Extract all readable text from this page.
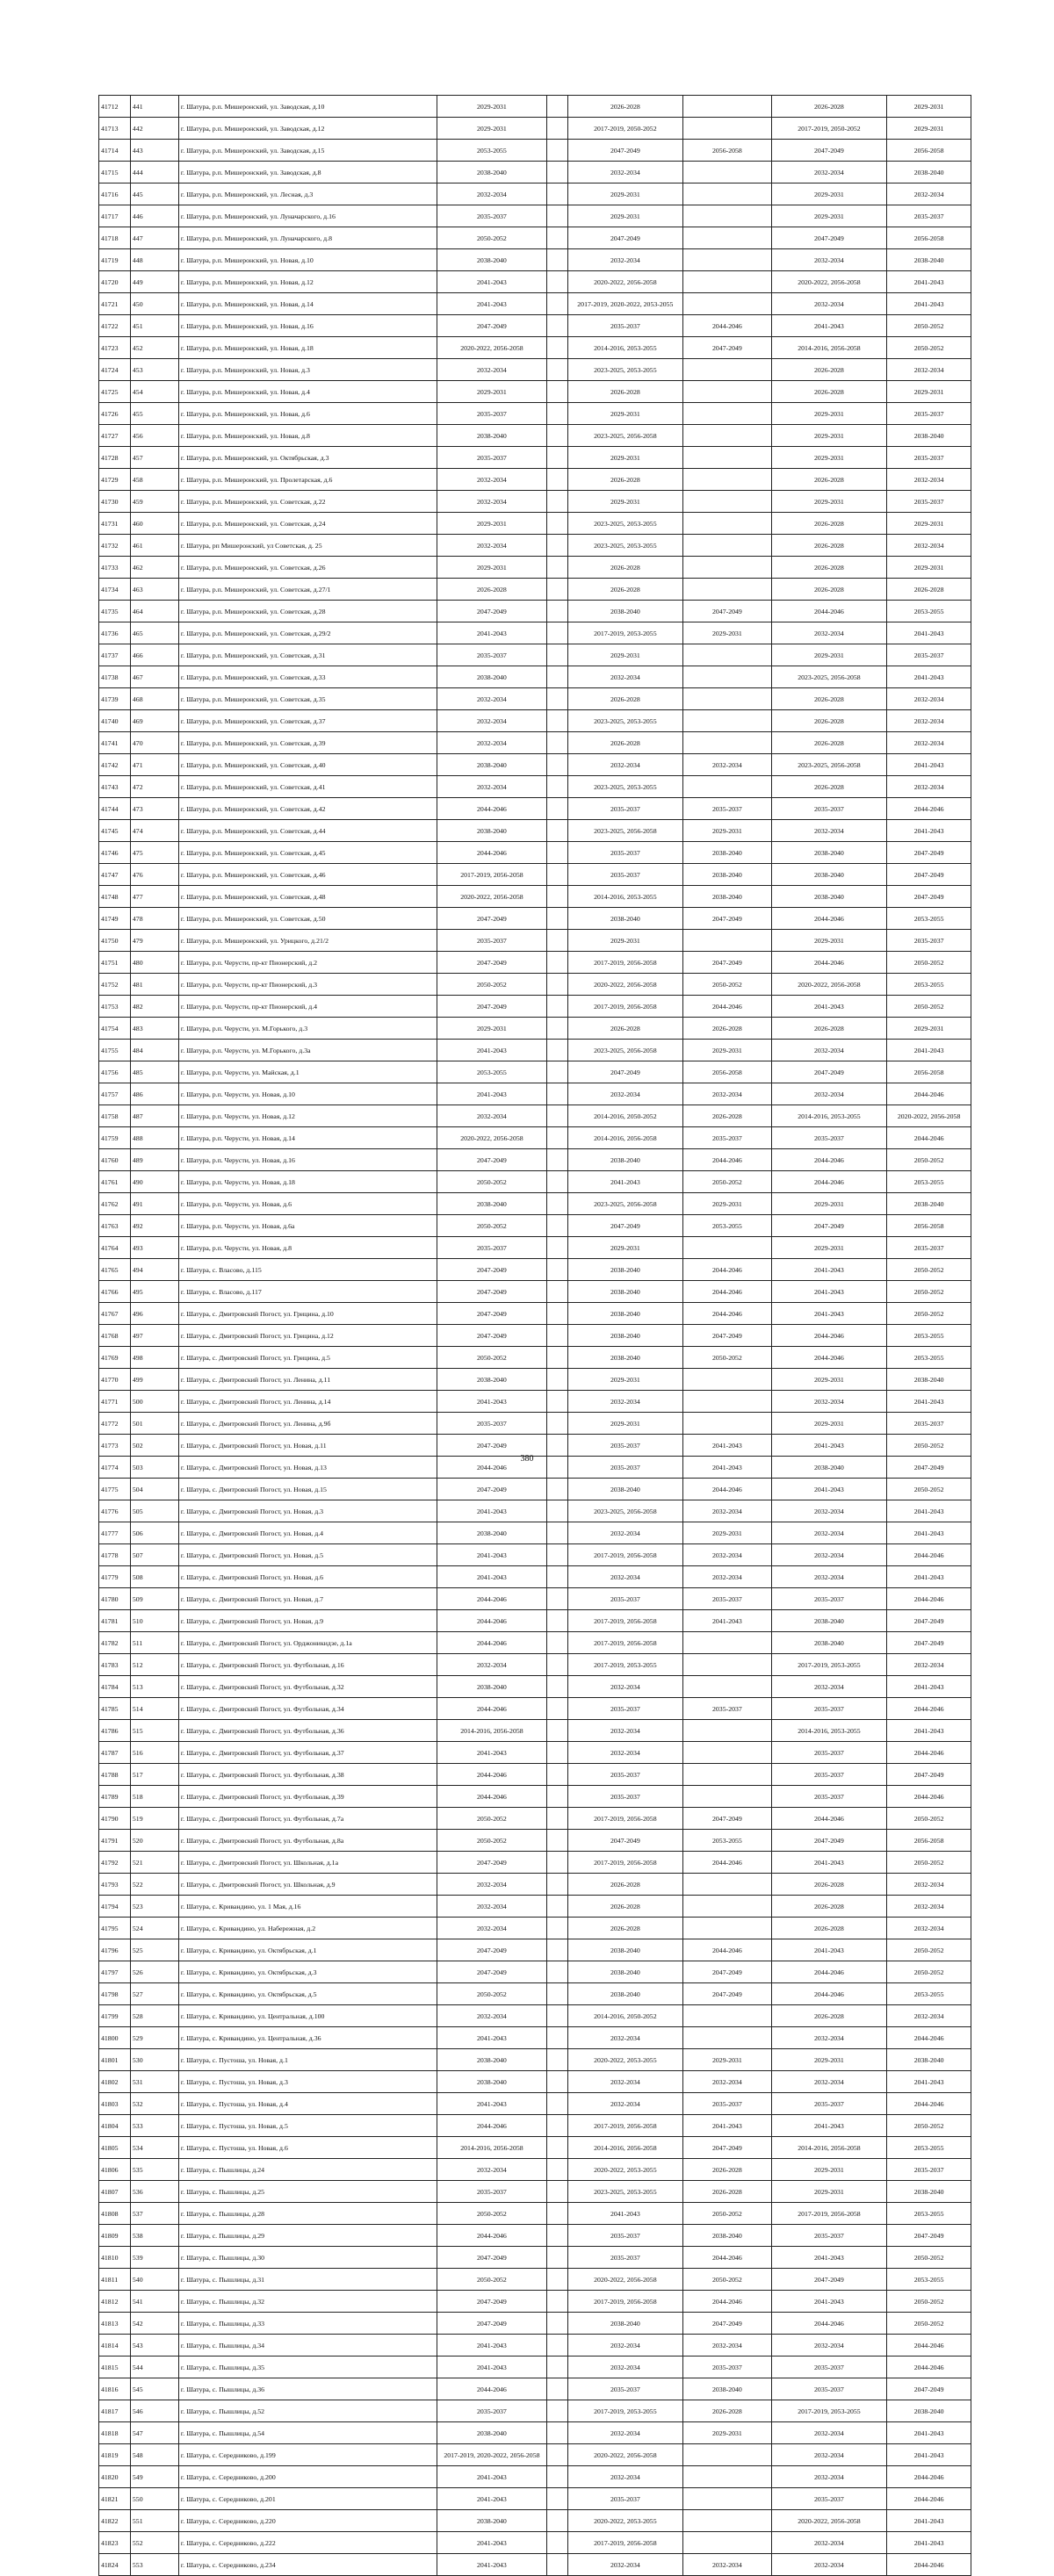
41712	441	г. Шатура, р.п. Мишеронский, ул. Заводская, д.10	2029-2031		2026-2028		2026-2028	2029-2031
41713	442	г. Шатура, р.п. Мишеронский, ул. Заводская, д.12	2029-2031		2017-2019, 2050-2052		2017-2019, 2050-2052	2029-2031
41714	443	г. Шатура, р.п. Мишеронский, ул. Заводская, д.15	2053-2055		2047-2049	2056-2058	2047-2049	2056-2058
41715	444	г. Шатура, р.п. Мишеронский, ул. Заводская, д.8	2038-2040		2032-2034		2032-2034	2038-2040
41716	445	г. Шатура, р.п. Мишеронский, ул. Лесная, д.3	2032-2034		2029-2031		2029-2031	2032-2034
41717	446	г. Шатура, р.п. Мишеронский, ул. Луначарского, д.16	2035-2037		2029-2031		2029-2031	2035-2037
41718	447	г. Шатура, р.п. Мишеронский, ул. Луначарского, д.8	2050-2052		2047-2049		2047-2049	2056-2058
41719	448	г. Шатура, р.п. Мишеронский, ул. Новая, д.10	2038-2040		2032-2034		2032-2034	2038-2040
41720	449	г. Шатура, р.п. Мишеронский, ул. Новая, д.12	2041-2043		2020-2022, 2056-2058		2020-2022, 2056-2058	2041-2043
41721	450	г. Шатура, р.п. Мишеронский, ул. Новая, д.14	2041-2043		2017-2019, 2020-2022, 2053-2055		2032-2034	2041-2043
41722	451	г. Шатура, р.п. Мишеронский, ул. Новая, д.16	2047-2049		2035-2037	2044-2046	2041-2043	2050-2052
41723	452	г. Шатура, р.п. Мишеронский, ул. Новая, д.18	2020-2022, 2056-2058		2014-2016, 2053-2055	2047-2049	2014-2016, 2056-2058	2050-2052
41724	453	г. Шатура, р.п. Мишеронский, ул. Новая, д.3	2032-2034		2023-2025, 2053-2055		2026-2028	2032-2034
41725	454	г. Шатура, р.п. Мишеронский, ул. Новая, д.4	2029-2031		2026-2028		2026-2028	2029-2031
41726	455	г. Шатура, р.п. Мишеронский, ул. Новая, д.6	2035-2037		2029-2031		2029-2031	2035-2037
41727	456	г. Шатура, р.п. Мишеронский, ул. Новая, д.8	2038-2040		2023-2025, 2056-2058		2029-2031	2038-2040
41728	457	г. Шатура, р.п. Мишеронский, ул. Октябрьская, д.3	2035-2037		2029-2031		2029-2031	2035-2037
41729	458	г. Шатура, р.п. Мишеронский, ул. Пролетарская, д.6	2032-2034		2026-2028		2026-2028	2032-2034
41730	459	г. Шатура, р.п. Мишеронский, ул. Советская, д.22	2032-2034		2029-2031		2029-2031	2035-2037
41731	460	г. Шатура, р.п. Мишеронский, ул. Советская, д.24	2029-2031		2023-2025, 2053-2055		2026-2028	2029-2031
41732	461	г. Шатура, рп Мишеронский, ул Советская, д. 25	2032-2034		2023-2025, 2053-2055		2026-2028	2032-2034
41733	462	г. Шатура, р.п. Мишеронский, ул. Советская, д.26	2029-2031		2026-2028		2026-2028	2029-2031
41734	463	г. Шатура, р.п. Мишеронский, ул. Советская, д.27/1	2026-2028		2026-2028		2026-2028	2026-2028
41735	464	г. Шатура, р.п. Мишеронский, ул. Советская, д.28	2047-2049		2038-2040	2047-2049	2044-2046	2053-2055
41736	465	г. Шатура, р.п. Мишеронский, ул. Советская, д.29/2	2041-2043		2017-2019, 2053-2055	2029-2031	2032-2034	2041-2043
41737	466	г. Шатура, р.п. Мишеронский, ул. Советская, д.31	2035-2037		2029-2031		2029-2031	2035-2037
41738	467	г. Шатура, р.п. Мишеронский, ул. Советская, д.33	2038-2040		2032-2034		2023-2025, 2056-2058	2041-2043
41739	468	г. Шатура, р.п. Мишеронский, ул. Советская, д.35	2032-2034		2026-2028		2026-2028	2032-2034
41740	469	г. Шатура, р.п. Мишеронский, ул. Советская, д.37	2032-2034		2023-2025, 2053-2055		2026-2028	2032-2034
41741	470	г. Шатура, р.п. Мишеронский, ул. Советская, д.39	2032-2034		2026-2028		2026-2028	2032-2034
41742	471	г. Шатура, р.п. Мишеронский, ул. Советская, д.40	2038-2040		2032-2034	2032-2034	2023-2025, 2056-2058	2041-2043
41743	472	г. Шатура, р.п. Мишеронский, ул. Советская, д.41	2032-2034		2023-2025, 2053-2055		2026-2028	2032-2034
41744	473	г. Шатура, р.п. Мишеронский, ул. Советская, д.42	2044-2046		2035-2037	2035-2037	2035-2037	2044-2046
41745	474	г. Шатура, р.п. Мишеронский, ул. Советская, д.44	2038-2040		2023-2025, 2056-2058	2029-2031	2032-2034	2041-2043
41746	475	г. Шатура, р.п. Мишеронский, ул. Советская, д.45	2044-2046		2035-2037	2038-2040	2038-2040	2047-2049
41747	476	г. Шатура, р.п. Мишеронский, ул. Советская, д.46	2017-2019, 2056-2058		2035-2037	2038-2040	2038-2040	2047-2049
41748	477	г. Шатура, р.п. Мишеронский, ул. Советская, д.48	2020-2022, 2056-2058		2014-2016, 2053-2055	2038-2040	2038-2040	2047-2049
41749	478	г. Шатура, р.п. Мишеронский, ул. Советская, д.50	2047-2049		2038-2040	2047-2049	2044-2046	2053-2055
41750	479	г. Шатура, р.п. Мишеронский, ул. Урицкого, д.21/2	2035-2037		2029-2031		2029-2031	2035-2037
41751	480	г. Шатура, р.п. Черусти, пр-кт Пионерский, д.2	2047-2049		2017-2019, 2056-2058	2047-2049	2044-2046	2050-2052
41752	481	г. Шатура, р.п. Черусти, пр-кт Пионерский, д.3	2050-2052		2020-2022, 2056-2058	2050-2052	2020-2022, 2056-2058	2053-2055
41753	482	г. Шатура, р.п. Черусти, пр-кт Пионерский, д.4	2047-2049		2017-2019, 2056-2058	2044-2046	2041-2043	2050-2052
41754	483	г. Шатура, р.п. Черусти, ул. М.Горького, д.3	2029-2031		2026-2028	2026-2028	2026-2028	2029-2031
41755	484	г. Шатура, р.п. Черусти, ул. М.Горького, д.3а	2041-2043		2023-2025, 2056-2058	2029-2031	2032-2034	2041-2043
41756	485	г. Шатура, р.п. Черусти, ул. Майская, д.1	2053-2055		2047-2049	2056-2058	2047-2049	2056-2058
41757	486	г. Шатура, р.п. Черусти, ул. Новая, д.10	2041-2043		2032-2034	2032-2034	2032-2034	2044-2046
41758	487	г. Шатура, р.п. Черусти, ул. Новая, д.12	2032-2034		2014-2016, 2050-2052	2026-2028	2014-2016, 2053-2055	2020-2022, 2056-2058
41759	488	г. Шатура, р.п. Черусти, ул. Новая, д.14	2020-2022, 2056-2058		2014-2016, 2056-2058	2035-2037	2035-2037	2044-2046
41760	489	г. Шатура, р.п. Черусти, ул. Новая, д.16	2047-2049		2038-2040	2044-2046	2044-2046	2050-2052
41761	490	г. Шатура, р.п. Черусти, ул. Новая, д.18	2050-2052		2041-2043	2050-2052	2044-2046	2053-2055
41762	491	г. Шатура, р.п. Черусти, ул. Новая, д.6	2038-2040		2023-2025, 2056-2058	2029-2031	2029-2031	2038-2040
41763	492	г. Шатура, р.п. Черусти, ул. Новая, д.6а	2050-2052		2047-2049	2053-2055	2047-2049	2056-2058
41764	493	г. Шатура, р.п. Черусти, ул. Новая, д.8	2035-2037		2029-2031		2029-2031	2035-2037
41765	494	г. Шатура, с. Власово, д.115	2047-2049		2038-2040	2044-2046	2041-2043	2050-2052
41766	495	г. Шатура, с. Власово, д.117	2047-2049		2038-2040	2044-2046	2041-2043	2050-2052
41767	496	г. Шатура, с. Дмитровский Погост, ул. Грицина, д.10	2047-2049		2038-2040	2044-2046	2041-2043	2050-2052
41768	497	г. Шатура, с. Дмитровский Погост, ул. Грицина, д.12	2047-2049		2038-2040	2047-2049	2044-2046	2053-2055
41769	498	г. Шатура, с. Дмитровский Погост, ул. Грицина, д.5	2050-2052		2038-2040	2050-2052	2044-2046	2053-2055
41770	499	г. Шатура, с. Дмитровский Погост, ул. Ленина, д.11	2038-2040		2029-2031		2029-2031	2038-2040
41771	500	г. Шатура, с. Дмитровский Погост, ул. Ленина, д.14	2041-2043		2032-2034		2032-2034	2041-2043
41772	501	г. Шатура, с. Дмитровский Погост, ул. Ленина, д.9б	2035-2037		2029-2031		2029-2031	2035-2037
41773	502	г. Шатура, с. Дмитровский Погост, ул. Новая, д.11	2047-2049		2035-2037	2041-2043	2041-2043	2050-2052
41774	503	г. Шатура, с. Дмитровский Погост, ул. Новая, д.13	2044-2046		2035-2037	2041-2043	2038-2040	2047-2049
41775	504	г. Шатура, с. Дмитровский Погост, ул. Новая, д.15	2047-2049		2038-2040	2044-2046	2041-2043	2050-2052
41776	505	г. Шатура, с. Дмитровский Погост, ул. Новая, д.3	2041-2043		2023-2025, 2056-2058	2032-2034	2032-2034	2041-2043
41777	506	г. Шатура, с. Дмитровский Погост, ул. Новая, д.4	2038-2040		2032-2034	2029-2031	2032-2034	2041-2043
41778	507	г. Шатура, с. Дмитровский Погост, ул. Новая, д.5	2041-2043		2017-2019, 2056-2058	2032-2034	2032-2034	2044-2046
41779	508	г. Шатура, с. Дмитровский Погост, ул. Новая, д.6	2041-2043		2032-2034	2032-2034	2032-2034	2041-2043
41780	509	г. Шатура, с. Дмитровский Погост, ул. Новая, д.7	2044-2046		2035-2037	2035-2037	2035-2037	2044-2046
41781	510	г. Шатура, с. Дмитровский Погост, ул. Новая, д.9	2044-2046		2017-2019, 2056-2058	2041-2043	2038-2040	2047-2049
41782	511	г. Шатура, с. Дмитровский Погост, ул. Орджоникидзе, д.1а	2044-2046		2017-2019, 2056-2058		2038-2040	2047-2049
41783	512	г. Шатура, с. Дмитровский Погост, ул. Футбольная, д.16	2032-2034		2017-2019, 2053-2055		2017-2019, 2053-2055	2032-2034
41784	513	г. Шатура, с. Дмитровский Погост, ул. Футбольная, д.32	2038-2040		2032-2034		2032-2034	2041-2043
41785	514	г. Шатура, с. Дмитровский Погост, ул. Футбольная, д.34	2044-2046		2035-2037	2035-2037	2035-2037	2044-2046
41786	515	г. Шатура, с. Дмитровский Погост, ул. Футбольная, д.36	2014-2016, 2056-2058		2032-2034		2014-2016, 2053-2055	2041-2043
41787	516	г. Шатура, с. Дмитровский Погост, ул. Футбольная, д.37	2041-2043		2032-2034		2035-2037	2044-2046
41788	517	г. Шатура, с. Дмитровский Погост, ул. Футбольная, д.38	2044-2046		2035-2037		2035-2037	2047-2049
41789	518	г. Шатура, с. Дмитровский Погост, ул. Футбольная, д.39	2044-2046		2035-2037		2035-2037	2044-2046
41790	519	г. Шатура, с. Дмитровский Погост, ул. Футбольная, д.7а	2050-2052		2017-2019, 2056-2058	2047-2049	2044-2046	2050-2052
41791	520	г. Шатура, с. Дмитровский Погост, ул. Футбольная, д.8а	2050-2052		2047-2049	2053-2055	2047-2049	2056-2058
41792	521	г. Шатура, с. Дмитровский Погост, ул. Школьная, д.1а	2047-2049		2017-2019, 2056-2058	2044-2046	2041-2043	2050-2052
41793	522	г. Шатура, с. Дмитровский Погост, ул. Школьная, д.9	2032-2034		2026-2028		2026-2028	2032-2034
41794	523	г. Шатура, с. Кривандино, ул. 1 Мая, д.16	2032-2034		2026-2028		2026-2028	2032-2034
41795	524	г. Шатура, с. Кривандино, ул. Набережная, д.2	2032-2034		2026-2028		2026-2028	2032-2034
41796	525	г. Шатура, с. Кривандино, ул. Октябрьская, д.1	2047-2049		2038-2040	2044-2046	2041-2043	2050-2052
41797	526	г. Шатура, с. Кривандино, ул. Октябрьская, д.3	2047-2049		2038-2040	2047-2049	2044-2046	2050-2052
41798	527	г. Шатура, с. Кривандино, ул. Октябрьская, д.5	2050-2052		2038-2040	2047-2049	2044-2046	2053-2055
41799	528	г. Шатура, с. Кривандино, ул. Центральная, д.100	2032-2034		2014-2016, 2050-2052		2026-2028	2032-2034
41800	529	г. Шатура, с. Кривандино, ул. Центральная, д.36	2041-2043		2032-2034		2032-2034	2044-2046
41801	530	г. Шатура, с. Пустоша, ул. Новая, д.1	2038-2040		2020-2022, 2053-2055	2029-2031	2029-2031	2038-2040
41802	531	г. Шатура, с. Пустоша, ул. Новая, д.3	2038-2040		2032-2034	2032-2034	2032-2034	2041-2043
41803	532	г. Шатура, с. Пустоша, ул. Новая, д.4	2041-2043		2032-2034	2035-2037	2035-2037	2044-2046
41804	533	г. Шатура, с. Пустоша, ул. Новая, д.5	2044-2046		2017-2019, 2056-2058	2041-2043	2041-2043	2050-2052
41805	534	г. Шатура, с. Пустоша, ул. Новая, д.6	2014-2016, 2056-2058		2014-2016, 2056-2058	2047-2049	2014-2016, 2056-2058	2053-2055
41806	535	г. Шатура, с. Пышлицы, д.24	2032-2034		2020-2022, 2053-2055	2026-2028	2029-2031	2035-2037
41807	536	г. Шатура, с. Пышлицы, д.25	2035-2037		2023-2025, 2053-2055	2026-2028	2029-2031	2038-2040
41808	537	г. Шатура, с. Пышлицы, д.28	2050-2052		2041-2043	2050-2052	2017-2019, 2056-2058	2053-2055
41809	538	г. Шатура, с. Пышлицы, д.29	2044-2046		2035-2037	2038-2040	2035-2037	2047-2049
41810	539	г. Шатура, с. Пышлицы, д.30	2047-2049		2035-2037	2044-2046	2041-2043	2050-2052
41811	540	г. Шатура, с. Пышлицы, д.31	2050-2052		2020-2022, 2056-2058	2050-2052	2047-2049	2053-2055
41812	541	г. Шатура, с. Пышлицы, д.32	2047-2049		2017-2019, 2056-2058	2044-2046	2041-2043	2050-2052
41813	542	г. Шатура, с. Пышлицы, д.33	2047-2049		2038-2040	2047-2049	2044-2046	2050-2052
41814	543	г. Шатура, с. Пышлицы, д.34	2041-2043		2032-2034	2032-2034	2032-2034	2044-2046
41815	544	г. Шатура, с. Пышлицы, д.35	2041-2043		2032-2034	2035-2037	2035-2037	2044-2046
41816	545	г. Шатура, с. Пышлицы, д.36	2044-2046		2035-2037	2038-2040	2035-2037	2047-2049
41817	546	г. Шатура, с. Пышлицы, д.52	2035-2037		2017-2019, 2053-2055	2026-2028	2017-2019, 2053-2055	2038-2040
41818	547	г. Шатура, с. Пышлицы, д.54	2038-2040		2032-2034	2029-2031	2032-2034	2041-2043
41819	548	г. Шатура, с. Середниково, д.199	2017-2019, 2020-2022, 2056-2058		2020-2022, 2056-2058		2032-2034	2041-2043
41820	549	г. Шатура, с. Середниково, д.200	2041-2043		2032-2034		2032-2034	2044-2046
41821	550	г. Шатура, с. Середниково, д.201	2041-2043		2035-2037		2035-2037	2044-2046
41822	551	г. Шатура, с. Середниково, д.220	2038-2040		2020-2022, 2053-2055		2020-2022, 2056-2058	2041-2043
41823	552	г. Шатура, с. Середниково, д.222	2041-2043		2017-2019, 2056-2058		2032-2034	2041-2043
41824	553	г. Шатура, с. Середниково, д.234	2041-2043		2032-2034	2032-2034	2032-2034	2044-2046
380
